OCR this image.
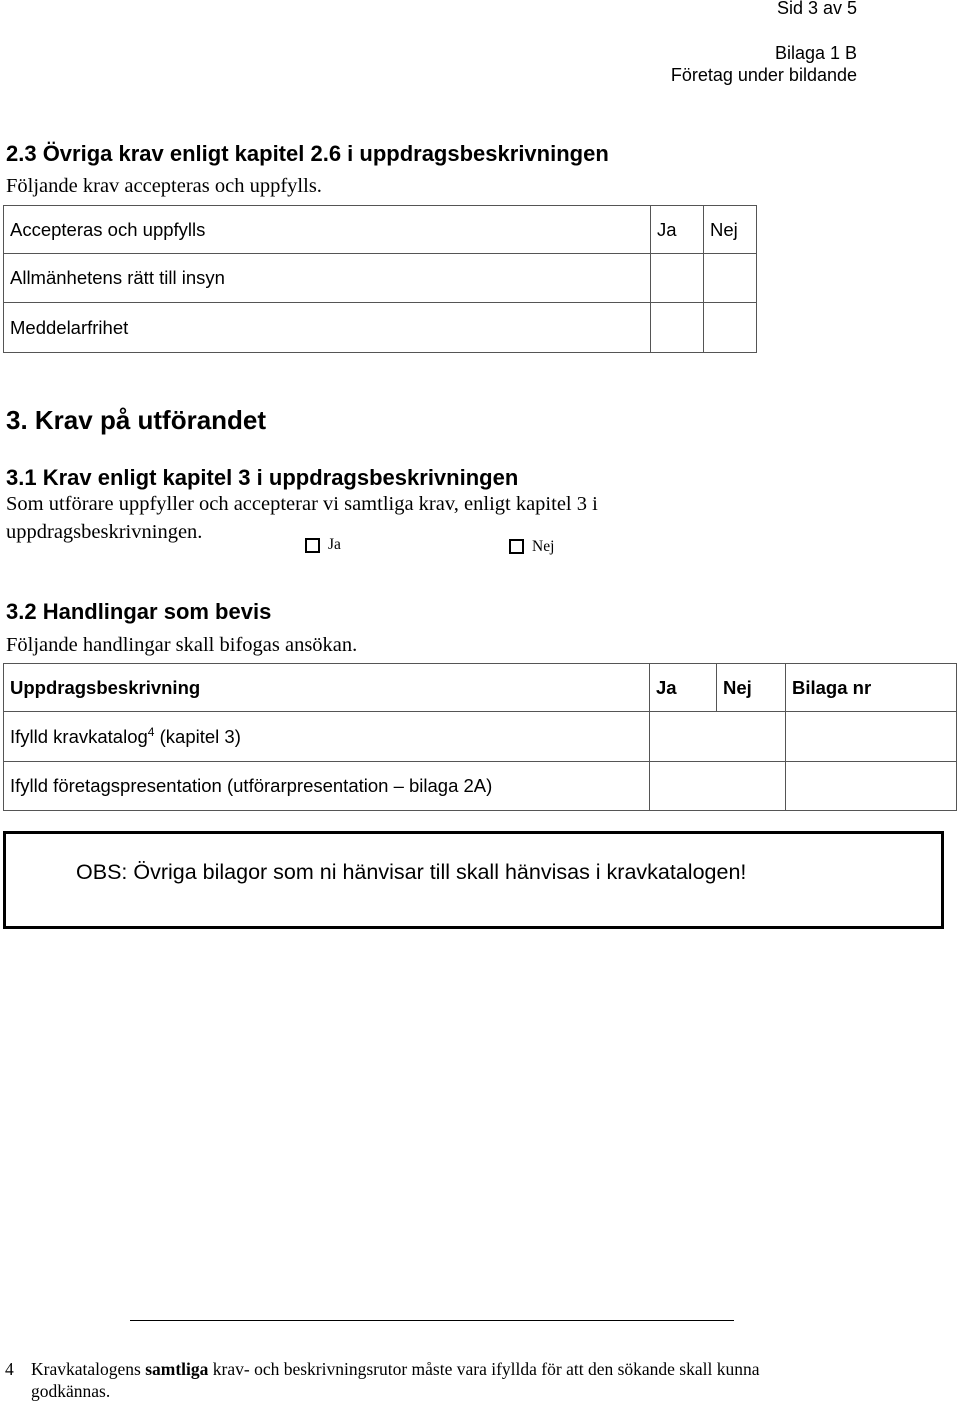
Sid 3 av 5
Bilaga 1 B
Företag under bildande
2.3 Övriga krav enligt kapitel 2.6 i uppdragsbeskrivningen
Följande krav accepteras och uppfylls.
Accepteras och uppfylls	Ja	Nej
Allmänhetens rätt till insyn		
Meddelarfrihet		
3. Krav på utförandet
3.1 Krav enligt kapitel 3 i uppdragsbeskrivningen
Som utförare uppfyller och accepterar vi samtliga krav, enligt kapitel 3 i
uppdragsbeskrivningen.
Ja	Nej
3.2 Handlingar som bevis
Följande handlingar skall bifogas ansökan.
Uppdragsbeskrivning	Ja	Nej	Bilaga nr
Ifylld kravkatalog$^4$ (kapitel 3)			
Ifylld företagspresentation (utförarpresentation – bilaga 2A)			
OBS: Övriga bilagor som ni hänvisar till skall hänvisas i kravkatalogen!
4 Kravkatalogens samtliga krav- och beskrivningsrutor måste vara ifyllda för att den sökande skall kunna
godkännas.
